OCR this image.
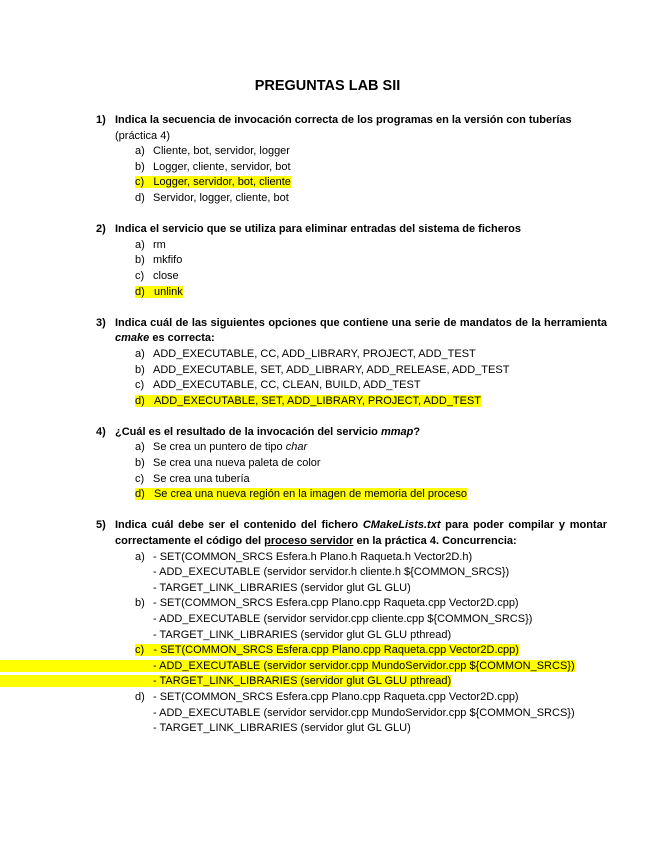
PREGUNTAS LAB SII
1) Indica la secuencia de invocación correcta de los programas en la versión con tuberías
(práctica 4)
a) Cliente, bot, servidor, logger
b) Logger, cliente, servidor, bot
c) Logger, servidor, bot, cliente
d) Servidor, logger, cliente, bot
2) Indica el servicio que se utiliza para eliminar entradas del sistema de ficheros
a) rm
b) mkfifo
c) close
d) unlink
3) Indica cuál de las siguientes opciones que contiene una serie de mandatos de la herramienta cmake es correcta:
a) ADD_EXECUTABLE, CC, ADD_LIBRARY, PROJECT, ADD_TEST
b) ADD_EXECUTABLE, SET, ADD_LIBRARY, ADD_RELEASE, ADD_TEST
c) ADD_EXECUTABLE, CC, CLEAN, BUILD, ADD_TEST
d) ADD_EXECUTABLE, SET, ADD_LIBRARY, PROJECT, ADD_TEST
4) ¿Cuál es el resultado de la invocación del servicio mmap?
a) Se crea un puntero de tipo char
b) Se crea una nueva paleta de color
c) Se crea una tubería
d) Se crea una nueva región en la imagen de memoria del proceso
5) Indica cuál debe ser el contenido del fichero CMakeLists.txt para poder compilar y montar correctamente el código del proceso servidor en la práctica 4. Concurrencia:
a) - SET(COMMON_SRCS Esfera.h Plano.h Raqueta.h Vector2D.h)
- ADD_EXECUTABLE (servidor servidor.h cliente.h ${COMMON_SRCS})
- TARGET_LINK_LIBRARIES (servidor glut GL GLU)
b) - SET(COMMON_SRCS Esfera.cpp Plano.cpp Raqueta.cpp Vector2D.cpp)
- ADD_EXECUTABLE (servidor servidor.cpp cliente.cpp ${COMMON_SRCS})
- TARGET_LINK_LIBRARIES (servidor glut GL GLU pthread)
c) - SET(COMMON_SRCS Esfera.cpp Plano.cpp Raqueta.cpp Vector2D.cpp)
- ADD_EXECUTABLE (servidor servidor.cpp MundoServidor.cpp ${COMMON_SRCS})
- TARGET_LINK_LIBRARIES (servidor glut GL GLU pthread)
d) - SET(COMMON_SRCS Esfera.cpp Plano.cpp Raqueta.cpp Vector2D.cpp)
- ADD_EXECUTABLE (servidor servidor.cpp MundoServidor.cpp ${COMMON_SRCS})
- TARGET_LINK_LIBRARIES (servidor glut GL GLU)
